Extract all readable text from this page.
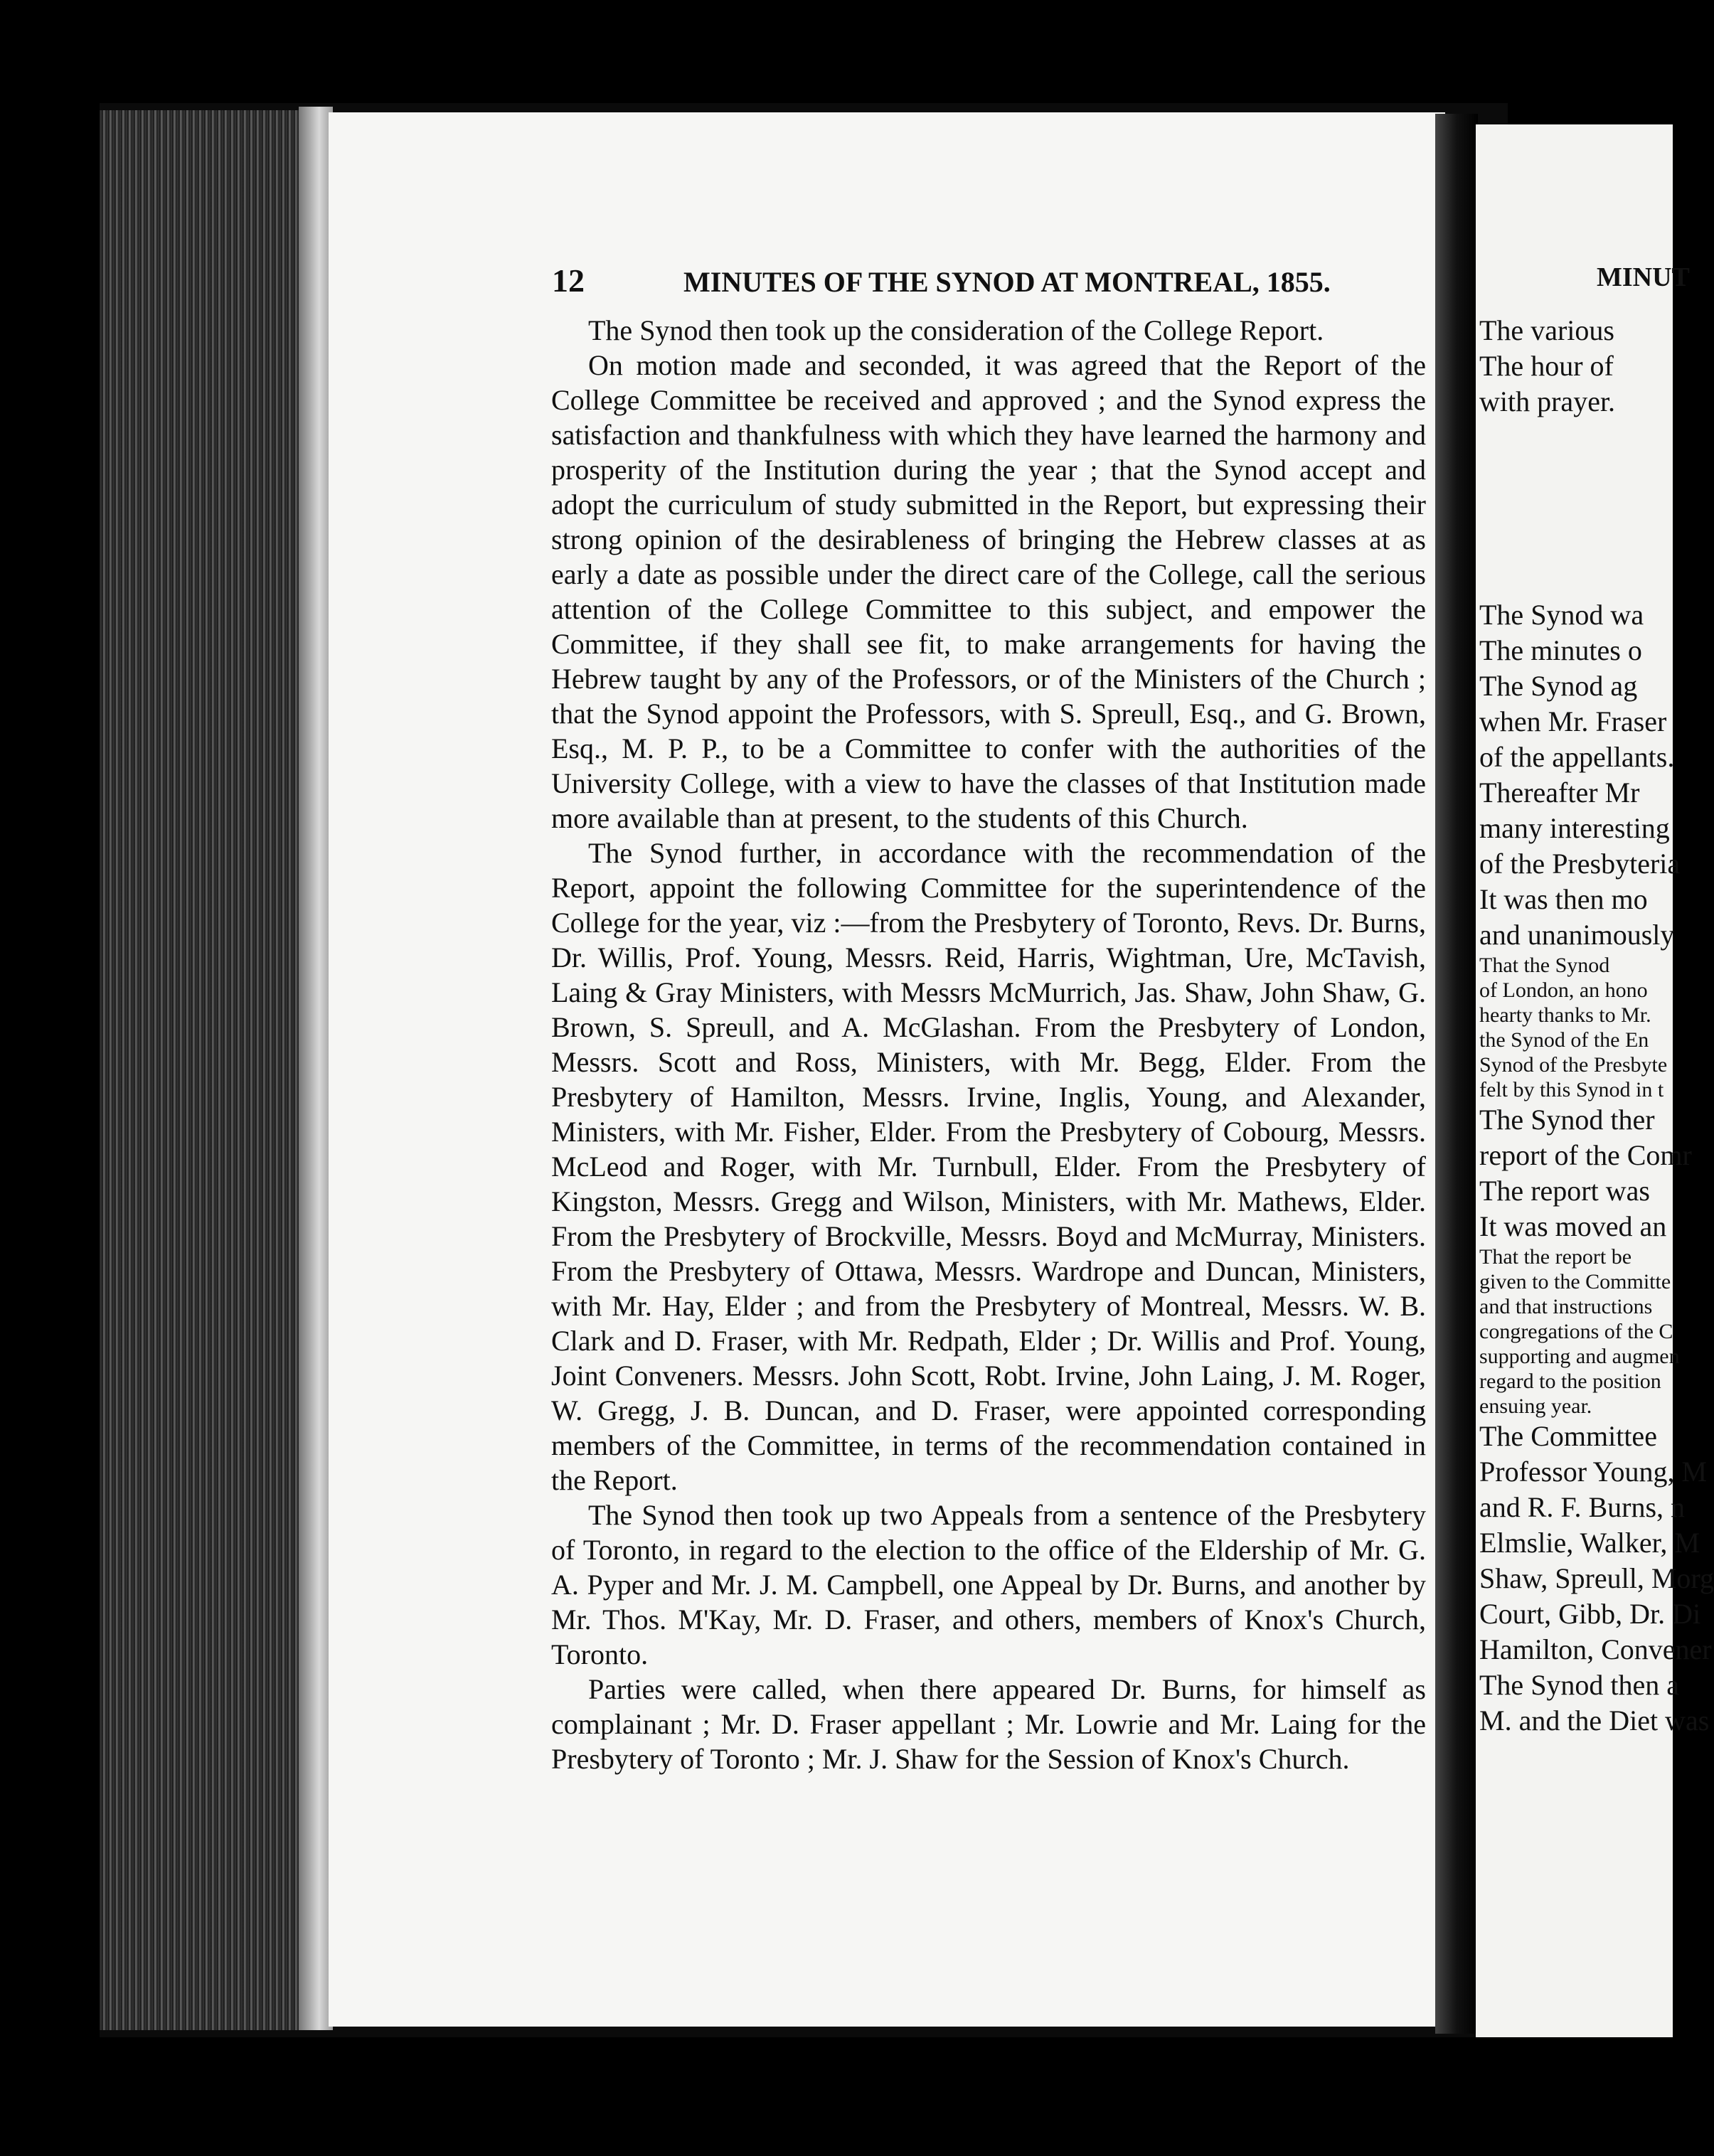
12	MINUTES OF THE SYNOD AT MONTREAL, 1855.

The Synod then took up the consideration of the College Report.

On motion made and seconded, it was agreed that the Report of the College Committee be received and approved ; and the Synod express the satisfaction and thankfulness with which they have learned the harmony and prosperity of the Institution during the year ; that the Synod accept and adopt the curriculum of study submitted in the Report, but expressing their strong opinion of the desirableness of bringing the Hebrew classes at as early a date as possible under the direct care of the College, call the serious attention of the College Committee to this subject, and empower the Committee, if they shall see fit, to make arrangements for having the Hebrew taught by any of the Professors, or of the Ministers of the Church ; that the Synod appoint the Professors, with S. Spreull, Esq., and G. Brown, Esq., M. P. P., to be a Committee to confer with the authorities of the University College, with a view to have the classes of that Institution made more available than at present, to the students of this Church.

The Synod further, in accordance with the recommendation of the Report, appoint the following Committee for the superintendence of the College for the year, viz :—from the Presbytery of Toronto, Revs. Dr. Burns, Dr. Willis, Prof. Young, Messrs. Reid, Harris, Wightman, Ure, McTavish, Laing & Gray Ministers, with Messrs McMurrich, Jas. Shaw, John Shaw, G. Brown, S. Spreull, and A. McGlashan. From the Presbytery of London, Messrs. Scott and Ross, Ministers, with Mr. Begg, Elder. From the Presbytery of Hamilton, Messrs. Irvine, Inglis, Young, and Alexander, Ministers, with Mr. Fisher, Elder. From the Presbytery of Cobourg, Messrs. McLeod and Roger, with Mr. Turnbull, Elder. From the Presbytery of Kingston, Messrs. Gregg and Wilson, Ministers, with Mr. Mathews, Elder. From the Presbytery of Brockville, Messrs. Boyd and McMurray, Ministers. From the Presbytery of Ottawa, Messrs. Wardrope and Duncan, Ministers, with Mr. Hay, Elder ; and from the Presbytery of Montreal, Messrs. W. B. Clark and D. Fraser, with Mr. Redpath, Elder ; Dr. Willis and Prof. Young, Joint Conveners. Messrs. John Scott, Robt. Irvine, John Laing, J. M. Roger, W. Gregg, J. B. Duncan, and D. Fraser, were appointed corresponding members of the Committee, in terms of the recommendation contained in the Report.

The Synod then took up two Appeals from a sentence of the Presbytery of Toronto, in regard to the election to the office of the Eldership of Mr. G. A. Pyper and Mr. J. M. Campbell, one Appeal by Dr. Burns, and another by Mr. Thos. M'Kay, Mr. D. Fraser, and others, members of Knox's Church, Toronto.

Parties were called, when there appeared Dr. Burns, for himself as complainant ; Mr. D. Fraser appellant ; Mr. Lowrie and Mr. Laing for the Presbytery of Toronto ; Mr. J. Shaw for the Session of Knox's Church.

MINUT
The various
The hour of
with prayer.
The Synod wa
The minutes o
The Synod ag
when Mr. Fraser
of the appellants.
Thereafter Mr
many interesting
of the Presbyteria
It was then mo
and unanimously
That the Synod
of London, an hono
hearty thanks to Mr.
the Synod of the En
Synod of the Presbyte
felt by this Synod in t
The Synod ther
report of the Comr
The report was
It was moved an
That the report be
given to the Committe
and that instructions
congregations of the C
supporting and augmen
regard to the position
ensuing year.
The Committee
Professor Young, M
and R. F. Burns, n
Elmslie, Walker, M
Shaw, Spreull, Morg
Court, Gibb, Dr. Di
Hamilton, Convener
The Synod then a
M. and the Diet was
